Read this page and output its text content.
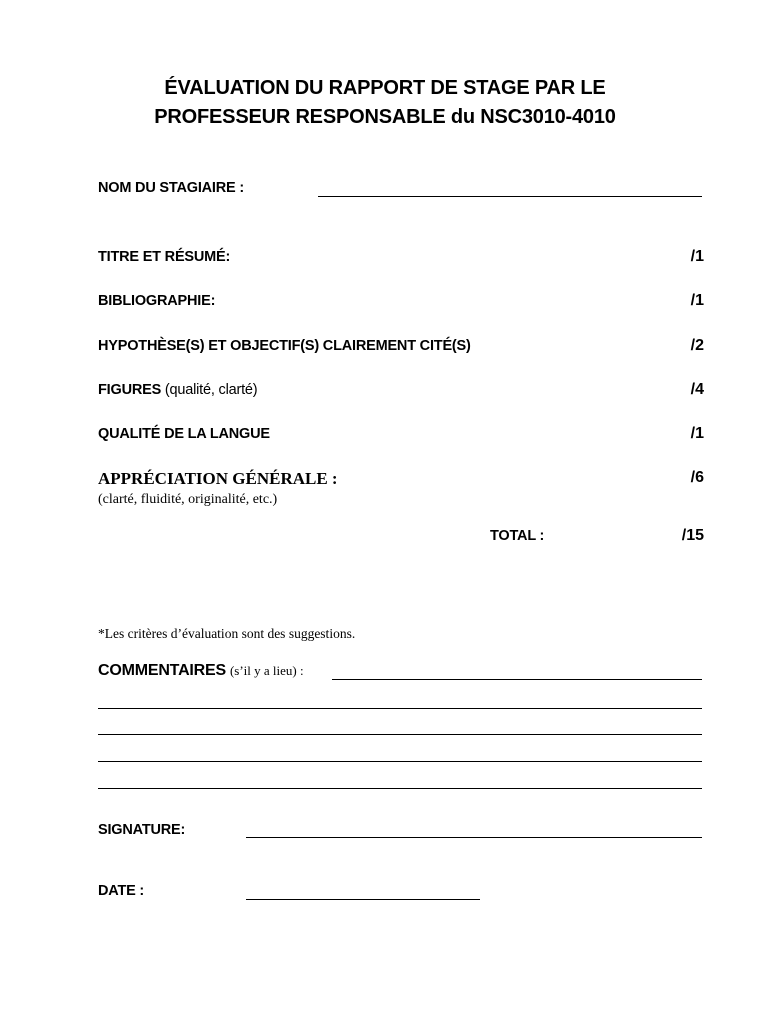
ÉVALUATION DU RAPPORT DE STAGE PAR LE
PROFESSEUR RESPONSABLE du NSC3010-4010
NOM DU STAGIAIRE :
TITRE ET RÉSUMÉ:	/1
BIBLIOGRAPHIE:	/1
HYPOTHÈSE(S) ET OBJECTIF(S) CLAIREMENT CITÉ(S)	/2
FIGURES (qualité, clarté)	/4
QUALITÉ DE LA LANGUE	/1
APPRÉCIATION GÉNÉRALE :	/6
(clarté, fluidité, originalité, etc.)
TOTAL :	/15
*Les critères d’évaluation sont des suggestions.
COMMENTAIRES (s’il y a lieu) :
SIGNATURE:
DATE :
